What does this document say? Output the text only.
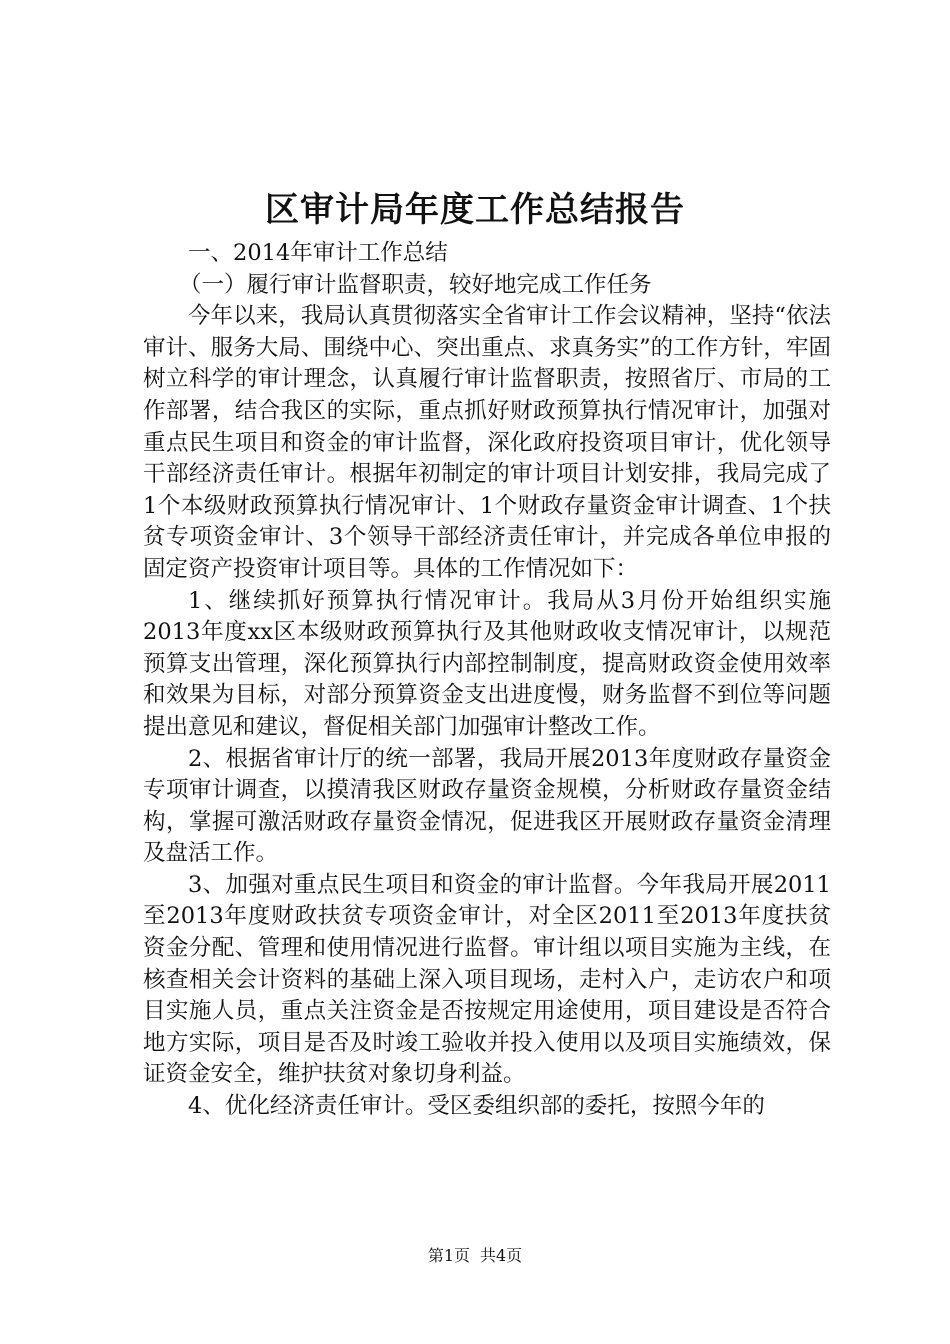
区审计局年度工作总结报告

一、2014年审计工作总结

（一）履行审计监督职责，较好地完成工作任务

今年以来，我局认真贯彻落实全省审计工作会议精神，坚持“依法审计、服务大局、围绕中心、突出重点、求真务实”的工作方针，牢固树立科学的审计理念，认真履行审计监督职责，按照省厅、市局的工作部署，结合我区的实际，重点抓好财政预算执行情况审计，加强对重点民生项目和资金的审计监督，深化政府投资项目审计，优化领导干部经济责任审计。根据年初制定的审计项目计划安排，我局完成了1个本级财政预算执行情况审计、1个财政存量资金审计调查、1个扶贫专项资金审计、3个领导干部经济责任审计，并完成各单位申报的固定资产投资审计项目等。具体的工作情况如下：

1、继续抓好预算执行情况审计。我局从3月份开始组织实施2013年度xx区本级财政预算执行及其他财政收支情况审计，以规范预算支出管理，深化预算执行内部控制制度，提高财政资金使用效率和效果为目标，对部分预算资金支出进度慢，财务监督不到位等问题提出意见和建议，督促相关部门加强审计整改工作。

2、根据省审计厅的统一部署，我局开展2013年度财政存量资金专项审计调查，以摸清我区财政存量资金规模，分析财政存量资金结构，掌握可激活财政存量资金情况，促进我区开展财政存量资金清理及盘活工作。

3、加强对重点民生项目和资金的审计监督。今年我局开展2011至2013年度财政扶贫专项资金审计，对全区2011至2013年度扶贫资金分配、管理和使用情况进行监督。审计组以项目实施为主线，在核查相关会计资料的基础上深入项目现场，走村入户，走访农户和项目实施人员，重点关注资金是否按规定用途使用，项目建设是否符合地方实际，项目是否及时竣工验收并投入使用以及项目实施绩效，保证资金安全，维护扶贫对象切身利益。

4、优化经济责任审计。受区委组织部的委托，按照今年的

第1页 共4页
